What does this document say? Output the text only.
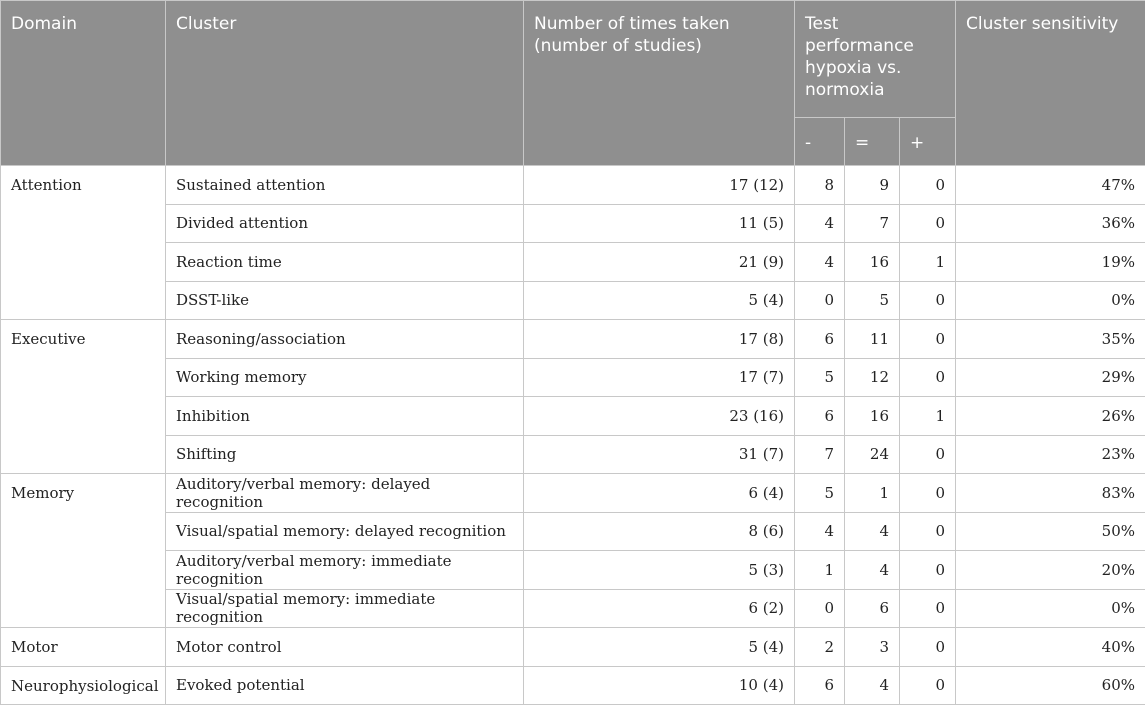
Domain	Cluster	Number of times taken (number of studies)	Test performance hypoxia vs. normoxia			Cluster sensitivity
			-	=	+	
Attention	Sustained attention	17 (12)	8	9	0	47%
	Divided attention	11 (5)	4	7	0	36%
	Reaction time	21 (9)	4	16	1	19%
	DSST-like	5 (4)	0	5	0	0%
Executive	Reasoning/association	17 (8)	6	11	0	35%
	Working memory	17 (7)	5	12	0	29%
	Inhibition	23 (16)	6	16	1	26%
	Shifting	31 (7)	7	24	0	23%
Memory	Auditory/verbal memory: delayed recognition	6 (4)	5	1	0	83%
	Visual/spatial memory: delayed recognition	8 (6)	4	4	0	50%
	Auditory/verbal memory: immediate recognition	5 (3)	1	4	0	20%
	Visual/spatial memory: immediate recognition	6 (2)	0	6	0	0%
Motor	Motor control	5 (4)	2	3	0	40%
Neurophysiological	Evoked potential	10 (4)	6	4	0	60%
